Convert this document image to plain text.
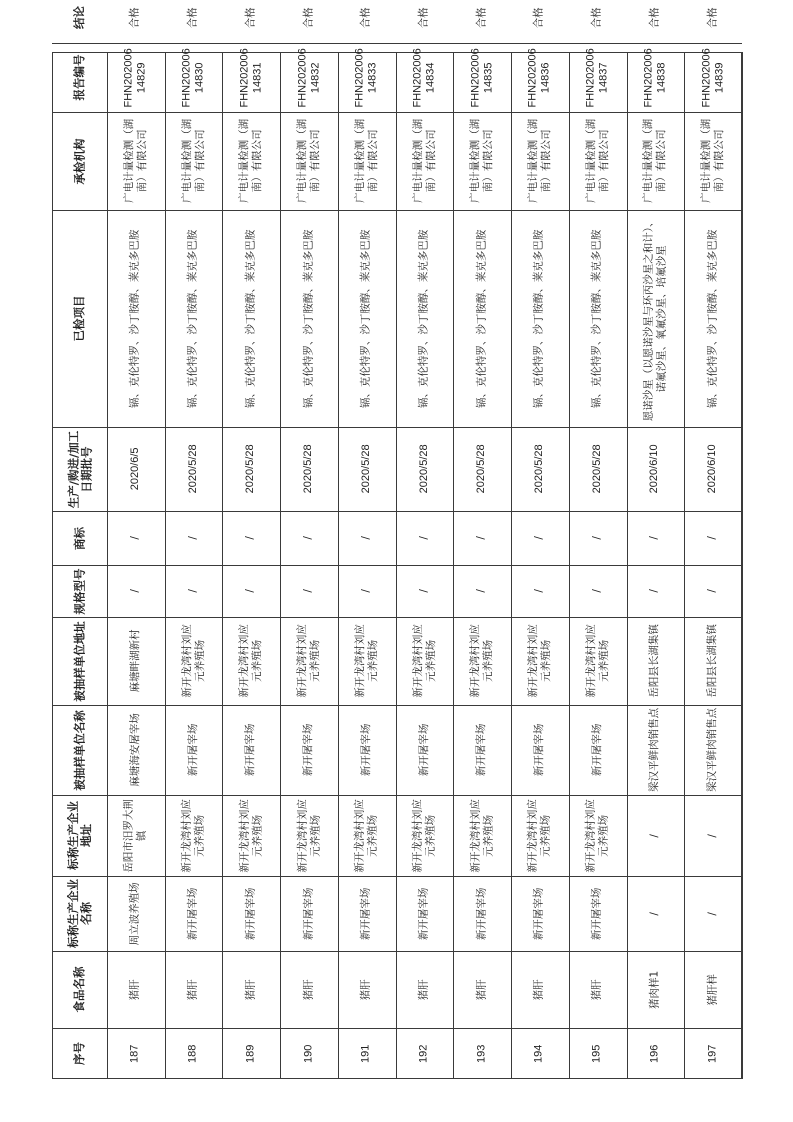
序号
食品名称
标称生产企业名称
标称生产企业地址
被抽样单位名称
被抽样单位地址
规格型号
商标
生产/购进/加工日期批号
已检项目
承检机构
报告编号
结论
187
猪肝
周立波养殖场
岳阳市汨罗大荆镇
麻塘海安屠宰场
麻塘畔湖新村
/
/
2020/6/5
镉、克伦特罗、沙丁胺醇、莱克多巴胺
广电计量检测（湖南）有限公司
FHN20200614829
合格
188
猪肝
新开屠宰场
新开龙湾村刘应元养殖场
新开屠宰场
新开龙湾村刘应元养殖场
/
/
2020/5/28
镉、克伦特罗、沙丁胺醇、莱克多巴胺
广电计量检测（湖南）有限公司
FHN20200614830
合格
189
猪肝
新开屠宰场
新开龙湾村刘应元养殖场
新开屠宰场
新开龙湾村刘应元养殖场
/
/
2020/5/28
镉、克伦特罗、沙丁胺醇、莱克多巴胺
广电计量检测（湖南）有限公司
FHN20200614831
合格
190
猪肝
新开屠宰场
新开龙湾村刘应元养殖场
新开屠宰场
新开龙湾村刘应元养殖场
/
/
2020/5/28
镉、克伦特罗、沙丁胺醇、莱克多巴胺
广电计量检测（湖南）有限公司
FHN20200614832
合格
191
猪肝
新开屠宰场
新开龙湾村刘应元养殖场
新开屠宰场
新开龙湾村刘应元养殖场
/
/
2020/5/28
镉、克伦特罗、沙丁胺醇、莱克多巴胺
广电计量检测（湖南）有限公司
FHN20200614833
合格
192
猪肝
新开屠宰场
新开龙湾村刘应元养殖场
新开屠宰场
新开龙湾村刘应元养殖场
/
/
2020/5/28
镉、克伦特罗、沙丁胺醇、莱克多巴胺
广电计量检测（湖南）有限公司
FHN20200614834
合格
193
猪肝
新开屠宰场
新开龙湾村刘应元养殖场
新开屠宰场
新开龙湾村刘应元养殖场
/
/
2020/5/28
镉、克伦特罗、沙丁胺醇、莱克多巴胺
广电计量检测（湖南）有限公司
FHN20200614835
合格
194
猪肝
新开屠宰场
新开龙湾村刘应元养殖场
新开屠宰场
新开龙湾村刘应元养殖场
/
/
2020/5/28
镉、克伦特罗、沙丁胺醇、莱克多巴胺
广电计量检测（湖南）有限公司
FHN20200614836
合格
195
猪肝
新开屠宰场
新开龙湾村刘应元养殖场
新开屠宰场
新开龙湾村刘应元养殖场
/
/
2020/5/28
镉、克伦特罗、沙丁胺醇、莱克多巴胺
广电计量检测（湖南）有限公司
FHN20200614837
合格
196
猪肉样1
/
/
梁汉平鲜肉销售点
岳阳县长湖集镇
/
/
2020/6/10
恩诺沙星（以恩诺沙星与环丙沙星之和计）、诺氟沙星、氧氟沙星、培氟沙星
广电计量检测（湖南）有限公司
FHN20200614838
合格
197
猪肝样
/
/
梁汉平鲜肉销售点
岳阳县长湖集镇
/
/
2020/6/10
镉、克伦特罗、沙丁胺醇、莱克多巴胺
广电计量检测（湖南）有限公司
FHN20200614839
合格
